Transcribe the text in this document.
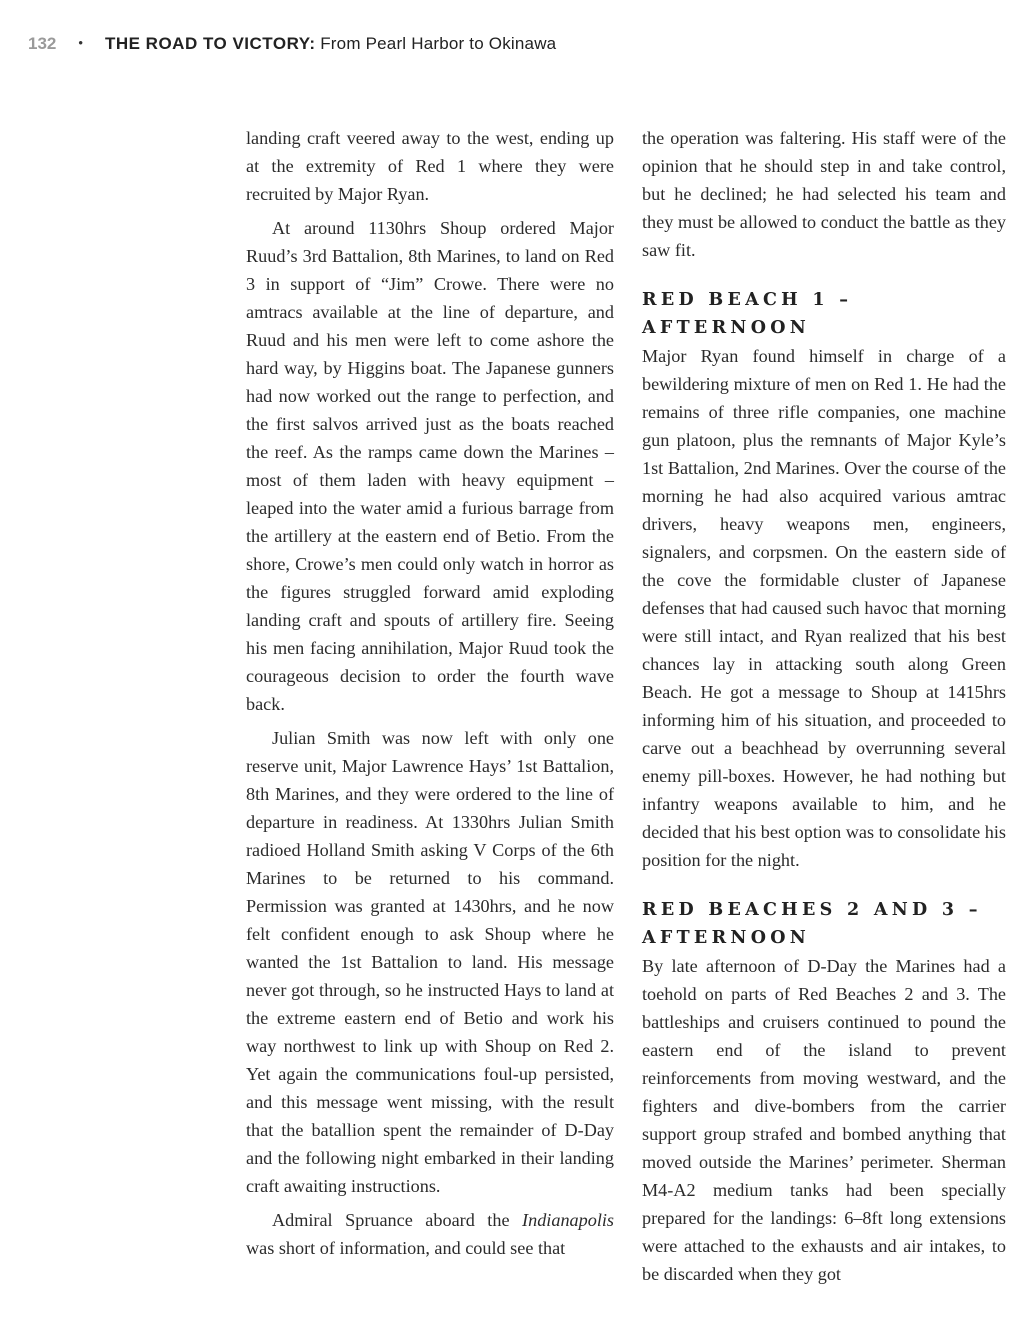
132 • THE ROAD TO VICTORY: From Pearl Harbor to Okinawa

landing craft veered away to the west, ending up at the extremity of Red 1 where they were recruited by Major Ryan.

At around 1130hrs Shoup ordered Major Ruud’s 3rd Battalion, 8th Marines, to land on Red 3 in support of “Jim” Crowe. There were no amtracs available at the line of departure, and Ruud and his men were left to come ashore the hard way, by Higgins boat. The Japanese gunners had now worked out the range to perfection, and the first salvos arrived just as the boats reached the reef. As the ramps came down the Marines – most of them laden with heavy equipment – leaped into the water amid a furious barrage from the artillery at the eastern end of Betio. From the shore, Crowe’s men could only watch in horror as the figures struggled forward amid exploding landing craft and spouts of artillery fire. Seeing his men facing annihilation, Major Ruud took the courageous decision to order the fourth wave back.

Julian Smith was now left with only one reserve unit, Major Lawrence Hays’ 1st Battalion, 8th Marines, and they were ordered to the line of departure in readiness. At 1330hrs Julian Smith radioed Holland Smith asking V Corps of the 6th Marines to be returned to his command. Permission was granted at 1430hrs, and he now felt confident enough to ask Shoup where he wanted the 1st Battalion to land. His message never got through, so he instructed Hays to land at the extreme eastern end of Betio and work his way northwest to link up with Shoup on Red 2. Yet again the communications foul-up persisted, and this message went missing, with the result that the batallion spent the remainder of D-Day and the following night embarked in their landing craft awaiting instructions.

Admiral Spruance aboard the Indianapolis was short of information, and could see that

the operation was faltering. His staff were of the opinion that he should step in and take control, but he declined; he had selected his team and they must be allowed to conduct the battle as they saw fit.

RED BEACH 1 – AFTERNOON

Major Ryan found himself in charge of a bewildering mixture of men on Red 1. He had the remains of three rifle companies, one machine gun platoon, plus the remnants of Major Kyle’s 1st Battalion, 2nd Marines. Over the course of the morning he had also acquired various amtrac drivers, heavy weapons men, engineers, signalers, and corpsmen. On the eastern side of the cove the formidable cluster of Japanese defenses that had caused such havoc that morning were still intact, and Ryan realized that his best chances lay in attacking south along Green Beach. He got a message to Shoup at 1415hrs informing him of his situation, and proceeded to carve out a beachhead by overrunning several enemy pill-boxes. However, he had nothing but infantry weapons available to him, and he decided that his best option was to consolidate his position for the night.

RED BEACHES 2 AND 3 – AFTERNOON

By late afternoon of D-Day the Marines had a toehold on parts of Red Beaches 2 and 3. The battleships and cruisers continued to pound the eastern end of the island to prevent reinforcements from moving westward, and the fighters and dive-bombers from the carrier support group strafed and bombed anything that moved outside the Marines’ perimeter. Sherman M4-A2 medium tanks had been specially prepared for the landings: 6–8ft long extensions were attached to the exhausts and air intakes, to be discarded when they got
